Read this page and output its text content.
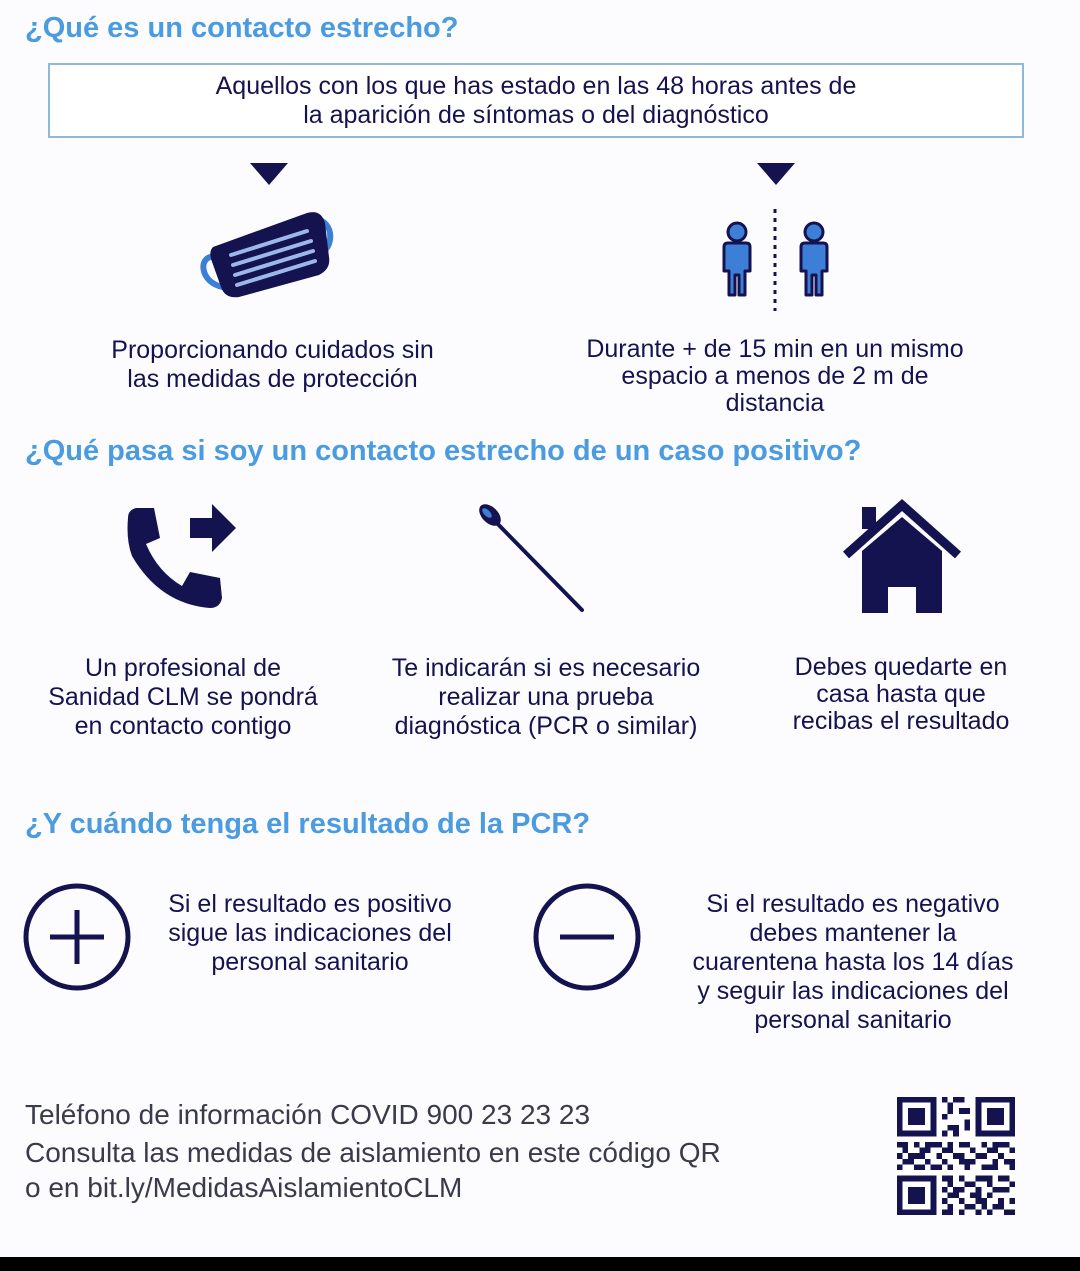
¿Qué es un contacto estrecho?
Aquellos con los que has estado en las 48 horas antes de
la aparición de síntomas o del diagnóstico
Proporcionando cuidados sin
las medidas de protección
Durante + de 15 min en un mismo
espacio a menos de 2 m de
distancia
¿Qué pasa si soy un contacto estrecho de un caso positivo?
Un profesional de
Sanidad CLM se pondrá
en contacto contigo
Te indicarán si es necesario
realizar una prueba
diagnóstica (PCR o similar)
Debes quedarte en
casa hasta que
recibas el resultado
¿Y cuándo tenga el resultado de la PCR?
Si el resultado es positivo
sigue las indicaciones del
personal sanitario
Si el resultado es negativo
debes mantener la
cuarentena hasta los 14 días
y seguir las indicaciones del
personal sanitario
Teléfono de información COVID 900 23 23 23
Consulta las medidas de aislamiento en este código QR
o en bit.ly/MedidasAislamientoCLM
